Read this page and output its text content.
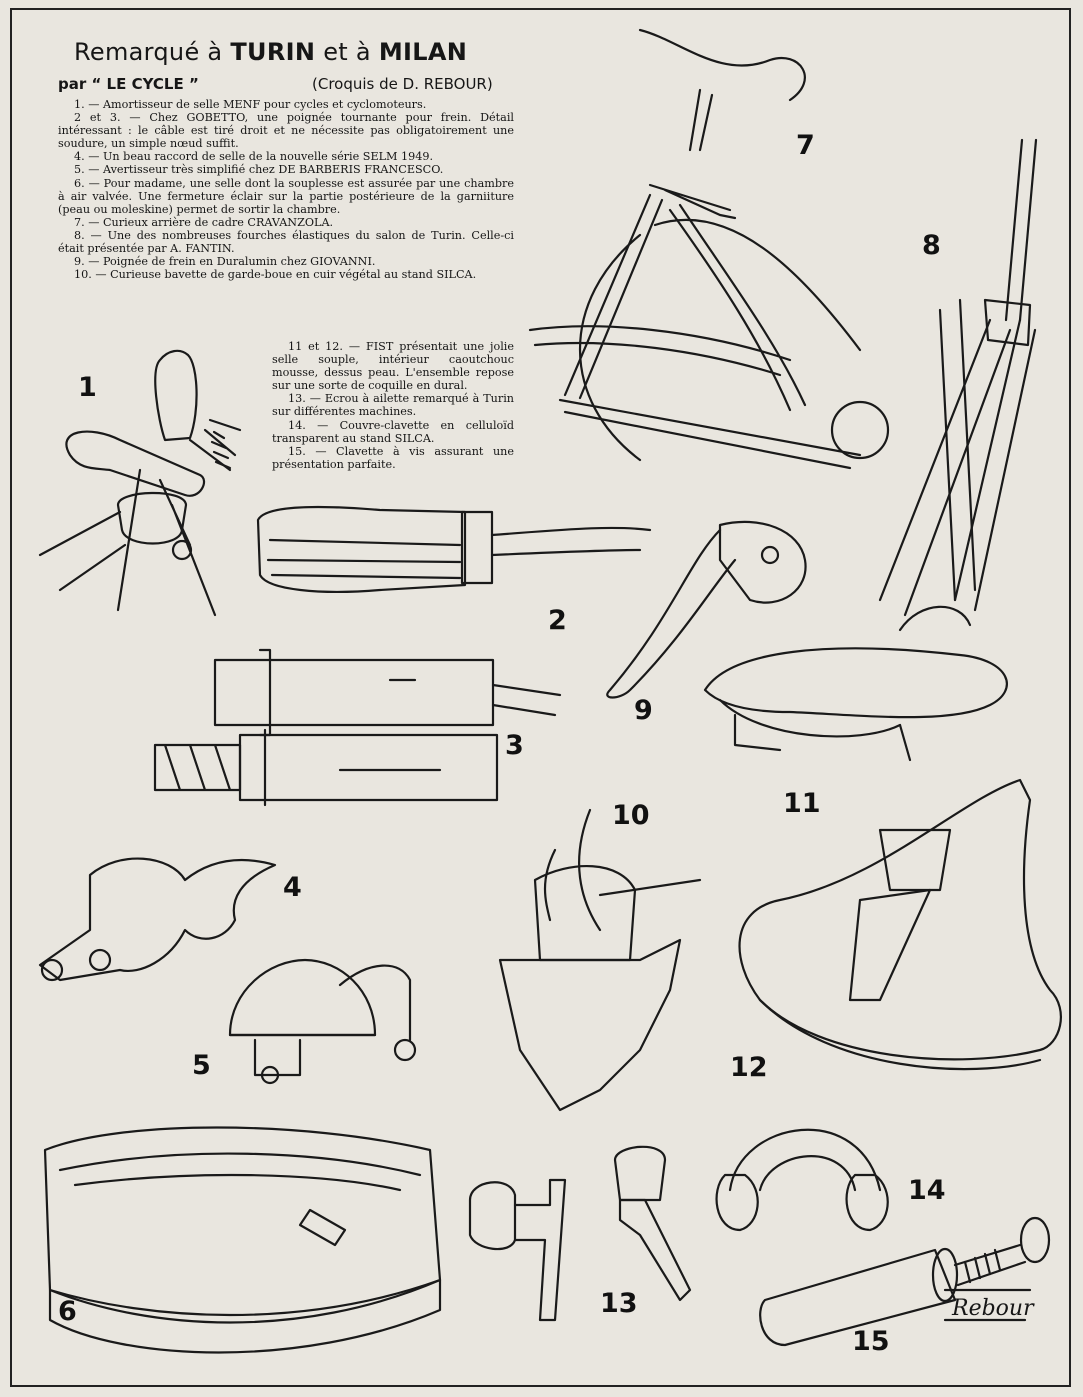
Remarqué à TURIN et à MILAN
par “ LE CYCLE ”	(Croquis de D. REBOUR)

1. — Amortisseur de selle MENF pour cycles et cyclomoteurs.

2 et 3. — Chez GOBETTO, une poignée tournante pour frein. Détail intéressant : le câble est tiré droit et ne nécessite pas obligatoirement une soudure, un simple nœud suffit.

4. — Un beau raccord de selle de la nouvelle série SELM 1949.

5. — Avertisseur très simplifié chez DE BARBERIS FRANCESCO.

6. — Pour madame, une selle dont la souplesse est assurée par une chambre à air valvée. Une fermeture éclair sur la partie postérieure de la garniiture (peau ou moleskine) permet de sortir la chambre.

7. — Curieux arrière de cadre CRAVANZOLA.

8. — Une des nombreuses fourches élastiques du salon de Turin. Celle-ci était présentée par A. FANTIN.

9. — Poignée de frein en Duralumin chez GIOVANNI.

10. — Curieuse bavette de garde-boue en cuir végétal au stand SILCA.

11 et 12. — FIST présentait une jolie selle souple, intérieur caoutchouc mousse, dessus peau. L'ensemble repose sur une sorte de coquille en dural.

13. — Ecrou à ailette remarqué à Turin sur différentes machines.

14. — Couvre-clavette en celluloïd transparent au stand SILCA.

15. — Clavette à vis assurant une présentation parfaite.

1
2
3
4
5
6
7
8
9
10	11
12
13
14
15
Rebour
